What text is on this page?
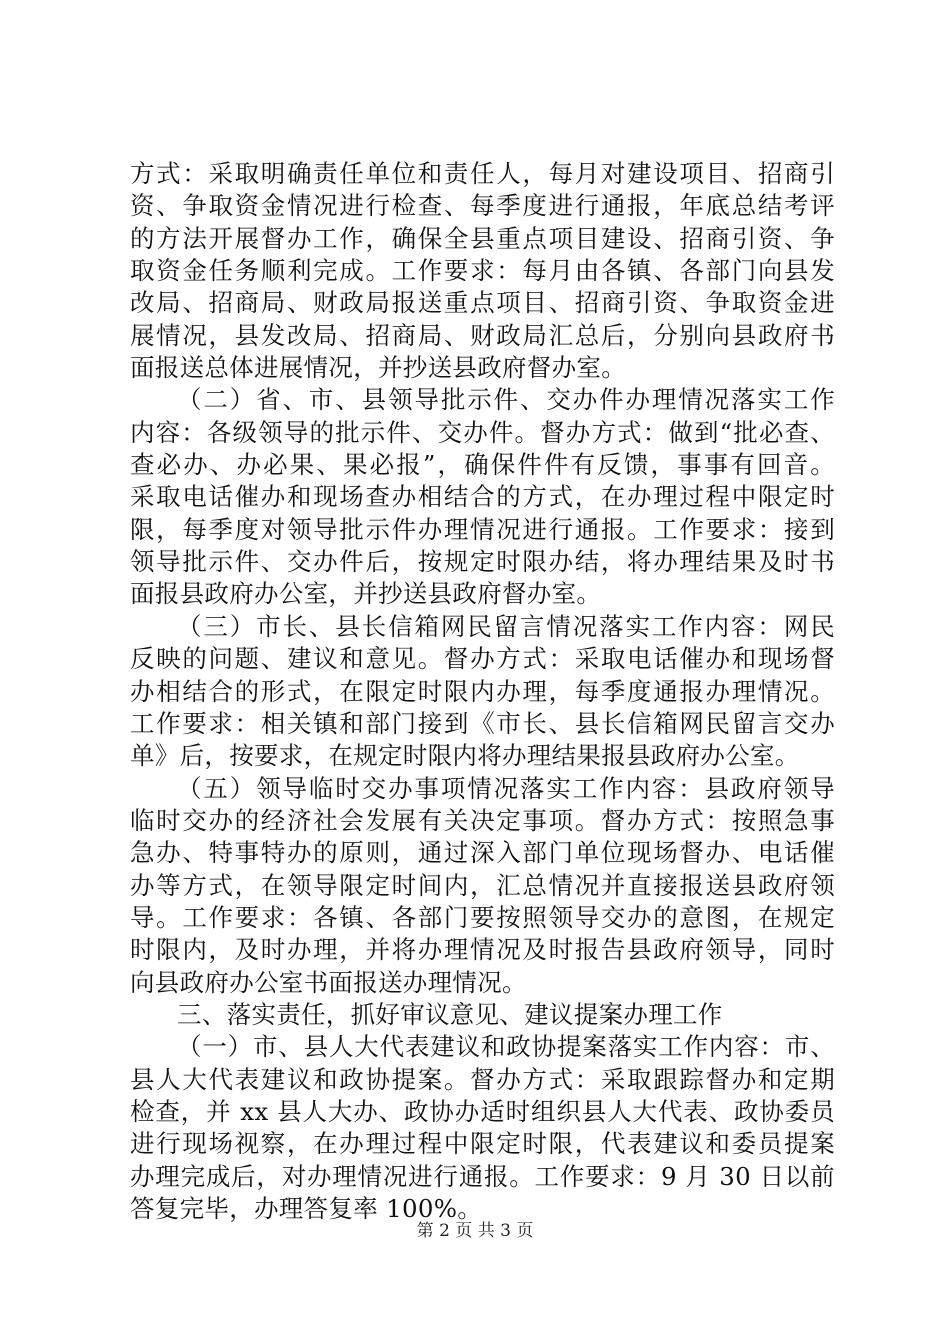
方式：采取明确责任单位和责任人，每月对建设项目、招商引
资、争取资金情况进行检查、每季度进行通报，年底总结考评
的方法开展督办工作，确保全县重点项目建设、招商引资、争
取资金任务顺利完成。工作要求：每月由各镇、各部门向县发
改局、招商局、财政局报送重点项目、招商引资、争取资金进
展情况，县发改局、招商局、财政局汇总后，分别向县政府书
面报送总体进展情况，并抄送县政府督办室。
（二）省、市、县领导批示件、交办件办理情况落实工作
内容：各级领导的批示件、交办件。督办方式：做到“批必查、
查必办、办必果、果必报”，确保件件有反馈，事事有回音。
采取电话催办和现场查办相结合的方式，在办理过程中限定时
限，每季度对领导批示件办理情况进行通报。工作要求：接到
领导批示件、交办件后，按规定时限办结，将办理结果及时书
面报县政府办公室，并抄送县政府督办室。
（三）市长、县长信箱网民留言情况落实工作内容：网民
反映的问题、建议和意见。督办方式：采取电话催办和现场督
办相结合的形式，在限定时限内办理，每季度通报办理情况。
工作要求：相关镇和部门接到《市长、县长信箱网民留言交办
单》后，按要求，在规定时限内将办理结果报县政府办公室。
（五）领导临时交办事项情况落实工作内容：县政府领导
临时交办的经济社会发展有关决定事项。督办方式：按照急事
急办、特事特办的原则，通过深入部门单位现场督办、电话催
办等方式，在领导限定时间内，汇总情况并直接报送县政府领
导。工作要求：各镇、各部门要按照领导交办的意图，在规定
时限内，及时办理，并将办理情况及时报告县政府领导，同时
向县政府办公室书面报送办理情况。
三、落实责任，抓好审议意见、建议提案办理工作
（一）市、县人大代表建议和政协提案落实工作内容：市、
县人大代表建议和政协提案。督办方式：采取跟踪督办和定期
检查，并 xx 县人大办、政协办适时组织县人大代表、政协委员
进行现场视察，在办理过程中限定时限，代表建议和委员提案
办理完成后，对办理情况进行通报。工作要求：9 月 30 日以前
答复完毕，办理答复率 100%。
第 2 页 共 3 页
